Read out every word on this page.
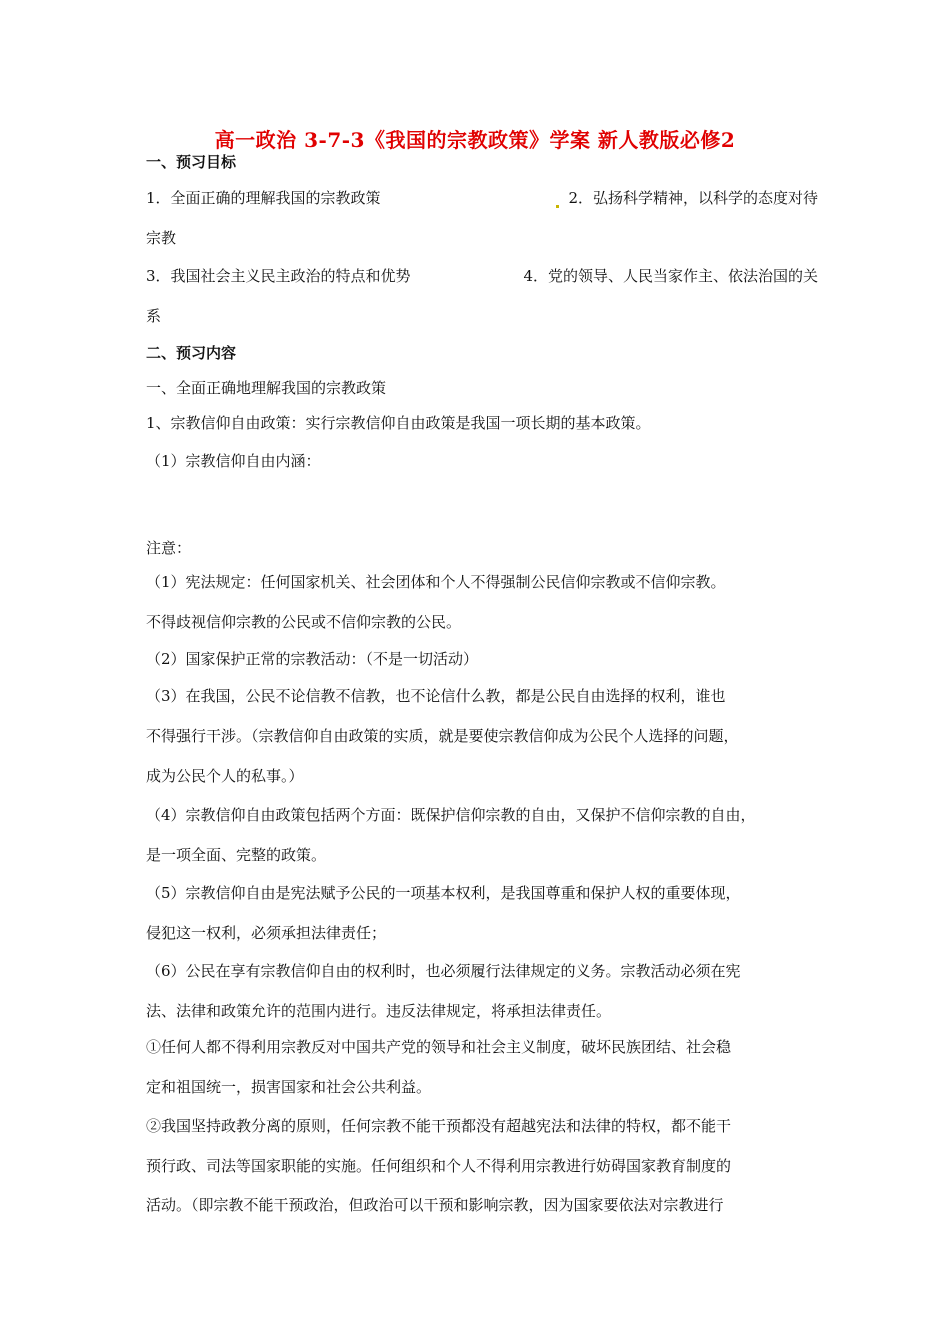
高一政治 3-7-3《我国的宗教政策》学案 新人教版必修2
一、预习目标
1．全面正确的理解我国的宗教政策	2．弘扬科学精神，以科学的态度对待
宗教
3．我国社会主义民主政治的特点和优势	4．党的领导、人民当家作主、依法治国的关
系
二、预习内容
一、全面正确地理解我国的宗教政策
1、宗教信仰自由政策：实行宗教信仰自由政策是我国一项长期的基本政策。
（1）宗教信仰自由内涵：
注意：
（1）宪法规定：任何国家机关、社会团体和个人不得强制公民信仰宗教或不信仰宗教。
不得歧视信仰宗教的公民或不信仰宗教的公民。
（2）国家保护正常的宗教活动：（不是一切活动）
（3）在我国，公民不论信教不信教，也不论信什么教，都是公民自由选择的权利，谁也
不得强行干涉。（宗教信仰自由政策的实质，就是要使宗教信仰成为公民个人选择的问题，
成为公民个人的私事。）
（4）宗教信仰自由政策包括两个方面：既保护信仰宗教的自由，又保护不信仰宗教的自由，
是一项全面、完整的政策。
（5）宗教信仰自由是宪法赋予公民的一项基本权利，是我国尊重和保护人权的重要体现，
侵犯这一权利，必须承担法律责任；
（6）公民在享有宗教信仰自由的权利时，也必须履行法律规定的义务。宗教活动必须在宪
法、法律和政策允许的范围内进行。违反法律规定，将承担法律责任。
①任何人都不得利用宗教反对中国共产党的领导和社会主义制度，破坏民族团结、社会稳
定和祖国统一，损害国家和社会公共利益。
②我国坚持政教分离的原则，任何宗教不能干预都没有超越宪法和法律的特权，都不能干
预行政、司法等国家职能的实施。任何组织和个人不得利用宗教进行妨碍国家教育制度的
活动。（即宗教不能干预政治，但政治可以干预和影响宗教，因为国家要依法对宗教进行
